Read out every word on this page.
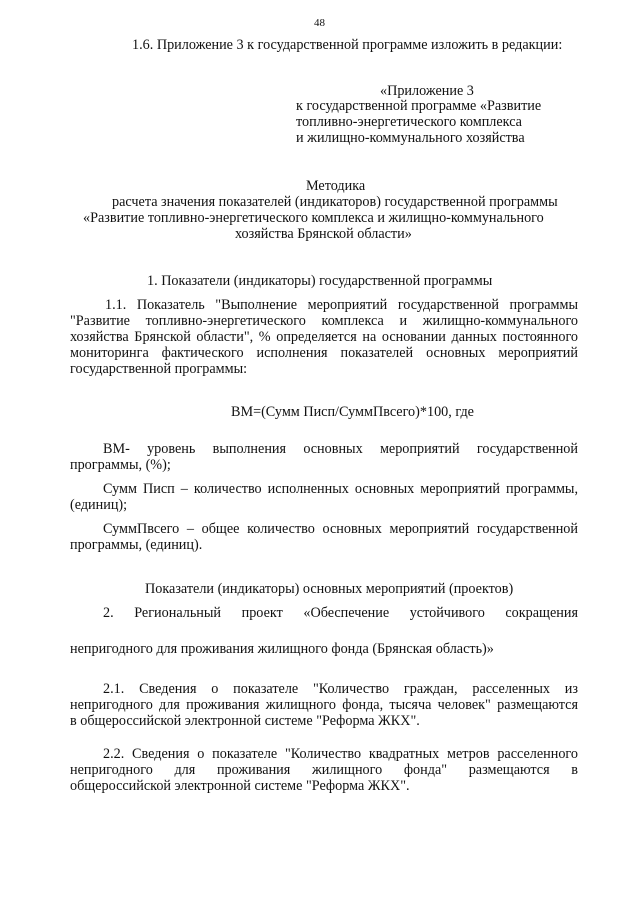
48
1.6. Приложение 3 к государственной программе изложить в редакции:
«Приложение 3
к государственной программе «Развитие
топливно-энергетического комплекса
и жилищно-коммунального хозяйства
Методика
расчета значения показателей (индикаторов) государственной программы
«Развитие топливно-энергетического комплекса и жилищно-коммунального
хозяйства Брянской области»
1. Показатели (индикаторы) государственной программы
1.1. Показатель "Выполнение мероприятий государственной программы
"Развитие топливно-энергетического комплекса и жилищно-коммунального
хозяйства Брянской области", % определяется на основании данных постоянного
мониторинга фактического исполнения показателей основных мероприятий
государственной программы:
ВМ=(Сумм Писп/СуммПвсего)*100, где
ВМ- уровень выполнения основных мероприятий государственной
программы, (%);
Сумм Писп – количество исполненных основных мероприятий программы,
(единиц);
СуммПвсего – общее количество основных мероприятий государственной
программы, (единиц).
Показатели (индикаторы) основных мероприятий (проектов)
2. Региональный проект «Обеспечение устойчивого сокращения
непригодного для проживания жилищного фонда (Брянская область)»
2.1. Сведения о показателе "Количество граждан, расселенных из
непригодного для проживания жилищного фонда, тысяча человек" размещаются
в общероссийской электронной системе "Реформа ЖКХ".
2.2. Сведения о показателе "Количество квадратных метров расселенного
непригодного для проживания жилищного фонда" размещаются в
общероссийской электронной системе "Реформа ЖКХ".
